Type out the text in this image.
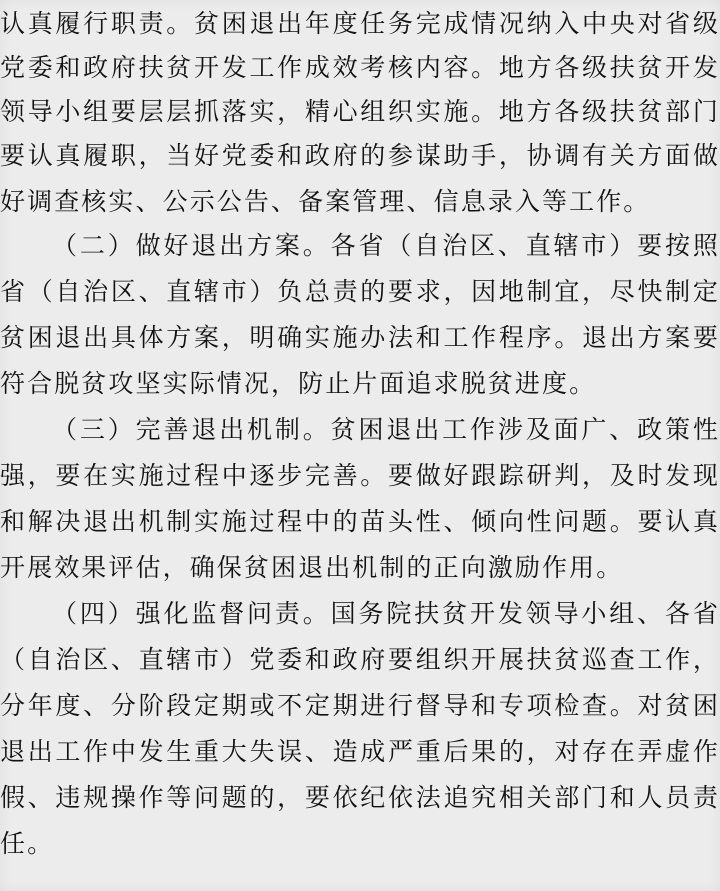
认真履行职责。贫困退出年度任务完成情况纳入中央对省级
党委和政府扶贫开发工作成效考核内容。地方各级扶贫开发
领导小组要层层抓落实，精心组织实施。地方各级扶贫部门
要认真履职，当好党委和政府的参谋助手，协调有关方面做
好调查核实、公示公告、备案管理、信息录入等工作。
（二）做好退出方案。各省（自治区、直辖市）要按照
省（自治区、直辖市）负总责的要求，因地制宜，尽快制定
贫困退出具体方案，明确实施办法和工作程序。退出方案要
符合脱贫攻坚实际情况，防止片面追求脱贫进度。
（三）完善退出机制。贫困退出工作涉及面广、政策性
强，要在实施过程中逐步完善。要做好跟踪研判，及时发现
和解决退出机制实施过程中的苗头性、倾向性问题。要认真
开展效果评估，确保贫困退出机制的正向激励作用。
（四）强化监督问责。国务院扶贫开发领导小组、各省
（自治区、直辖市）党委和政府要组织开展扶贫巡查工作，
分年度、分阶段定期或不定期进行督导和专项检查。对贫困
退出工作中发生重大失误、造成严重后果的，对存在弄虚作
假、违规操作等问题的，要依纪依法追究相关部门和人员责
任。
